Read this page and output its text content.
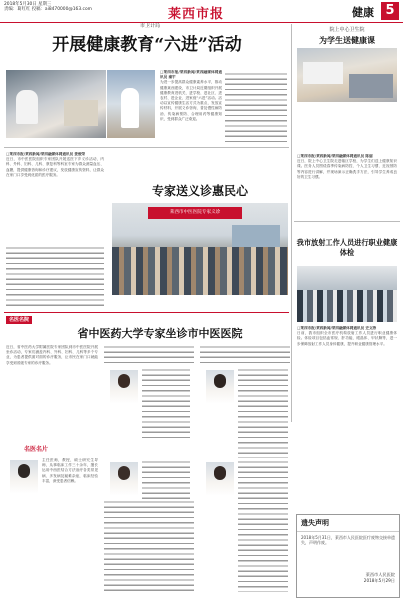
2018年5月30日 星期三
责编：葛红红 投稿：ai8470000@163.com	莱西市报	健康 5
开展健康教育“六进”活动
市卫计局
□莱西市报/莱西新闻/莱西融媒体网通讯员 秦宇
为进一步提高群众健康素养水平，推动健康莱西建设，市卫计局近期组织开展健康教育进机关、进学校、进社区、进农村、进企业、进家庭“六进”活动。活动以宣传健康生活方式为重点，发放宣传材料，开展义诊咨询，普及慢性病防治、传染病预防、合理用药等健康知识，受到群众广泛欢迎。
院上中心卫生院
为学生送健康课
□莱西市报/莱西新闻/莱西融媒体网通讯员 陈丽
近日，院上中心卫生院走进辖区学校，为学生们送上健康知识课。医务人员围绕春季传染病防控、个人卫生习惯、近视预防等内容进行讲解，并现场演示正确洗手方法，引导学生养成良好的卫生习惯。
□莱西市报/莱西新闻/莱西融媒体网通讯员 姜俊荣
近日，市中医医院组织专家团队开展送医下乡义诊活动，内科、外科、妇科、儿科、康复科等科室专家为群众测量血压、血糖，提供健康咨询和诊疗建议，发放健康宣传资料，让群众在家门口享受到优质的医疗服务。
专家送义诊惠民心
莱西市中医医院专家义诊
我市放射工作人员进行职业健康体检
□莱西市报/莱西新闻/莱西融媒体网通讯员 史文涛
日前，我市组织全市医疗机构放射工作人员进行职业健康体检。体检项目包括血常规、肝功能、眼晶体、甲状腺等，进一步保障放射工作人员身体健康，提升职业健康管理水平。
名医名院
省中医药大学专家坐诊市中医医院
近日，省中医药大学附属医院专家团队到市中医医院开展坐诊活动，专家们涵盖内科、外科、妇科、儿科等多个专业，为患者提供面对面的诊疗服务，让市民在家门口就能享受到省级专家的诊疗服务。
名医名片
主任医师，教授，硕士研究生导师，从事临床工作三十余年，擅长运用中西医结合方法治疗各类常见病、多发病及疑难杂症，临床经验丰富，深受患者信赖。
遗失声明
2018年5月31日，莱西市人民医院医疗废物交接单遗失，声明作废。
莱西市人民医院
2018年5月29日
